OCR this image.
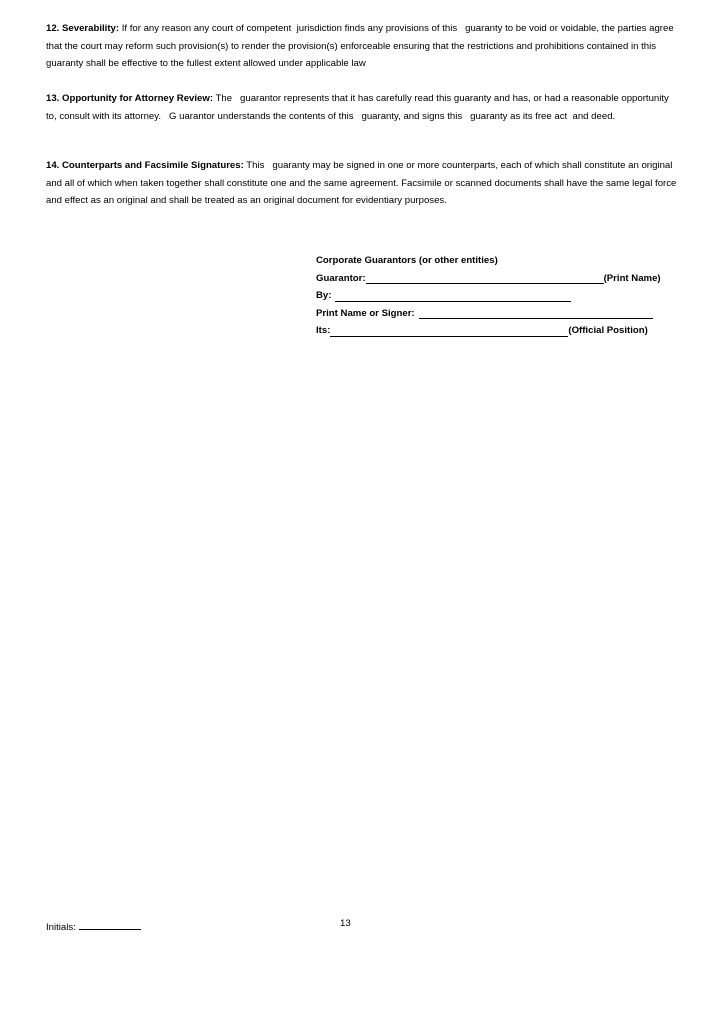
12. Severability: If for any reason any court of competent  jurisdiction finds any provisions of this   guaranty to be void or voidable, the parties agree that the court may reform such provision(s) to render the provision(s) enforceable ensuring that the restrictions and prohibitions contained in this   guaranty shall be effective to the fullest extent allowed under applicable law
13. Opportunity for Attorney Review: The   guarantor represents that it has carefully read this guaranty and has, or had a reasonable opportunity to, consult with its attorney.   G uarantor understands the contents of this   guaranty, and signs this   guaranty as its free act  and deed.
14. Counterparts and Facsimile Signatures: This   guaranty may be signed in one or more counterparts, each of which shall constitute an original and all of which when taken together shall constitute one and the same agreement. Facsimile or scanned documents shall have the same legal force and effect as an original and shall be treated as an original document for evidentiary purposes.
Corporate Guarantors (or other entities)
Guarantor:	(Print Name)
By:
Print Name or Signer:
Its:	(Official Position)
Initials:	13
